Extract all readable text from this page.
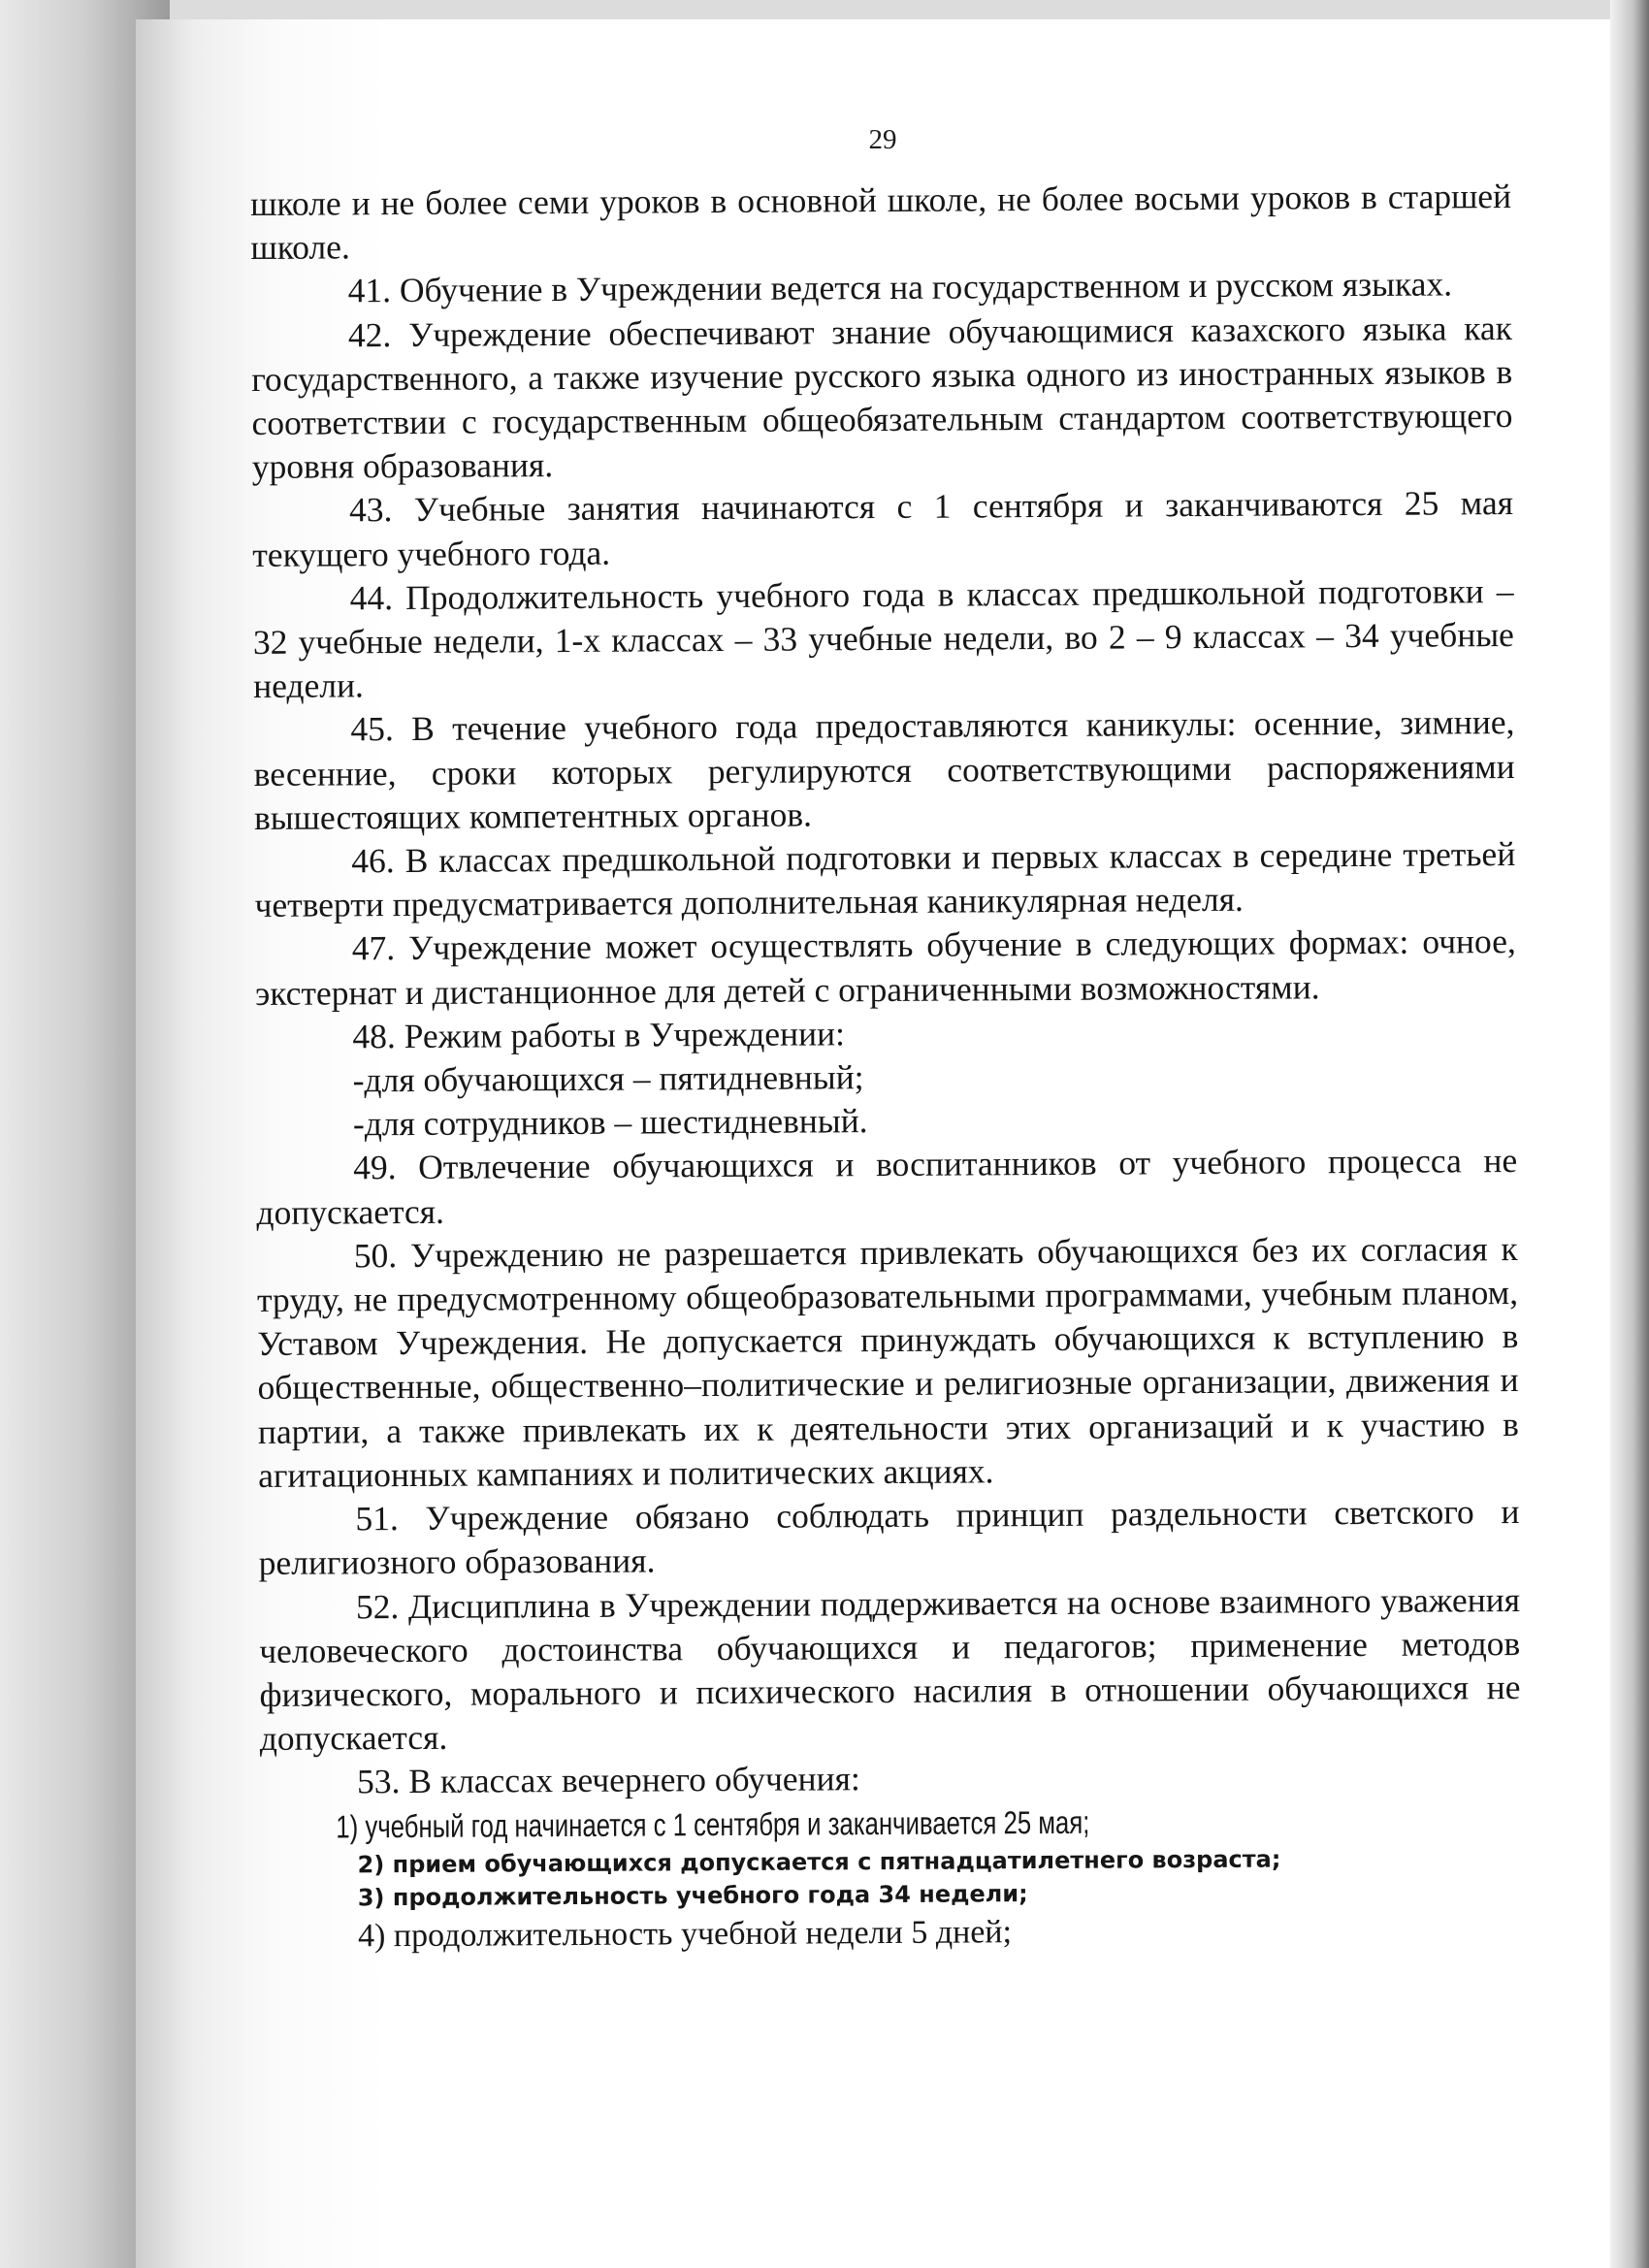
29

школе и не более семи уроков в основной школе, не более восьми уроков в старшей школе.

41. Обучение в Учреждении ведется на государственном и русском языках.

42. Учреждение обеспечивают знание обучающимися казахского языка как государственного, а также изучение русского языка одного из иностранных языков в соответствии с государственным общеобязательным стандартом соответствующего уровня образования.

43. Учебные занятия начинаются с 1 сентября и заканчиваются 25 мая текущего учебного года.

44. Продолжительность учебного года в классах предшкольной подготовки – 32 учебные недели, 1-х классах – 33 учебные недели, во 2 – 9 классах – 34 учебные недели.

45. В течение учебного года предоставляются каникулы: осенние, зимние, весенние, сроки которых регулируются соответствующими распоряжениями вышестоящих компетентных органов.

46. В классах предшкольной подготовки и первых классах в середине третьей четверти предусматривается дополнительная каникулярная неделя.

47. Учреждение может осуществлять обучение в следующих формах: очное, экстернат и дистанционное для детей с ограниченными возможностями.

48. Режим работы в Учреждении:

-для обучающихся – пятидневный;

-для сотрудников – шестидневный.

49. Отвлечение обучающихся и воспитанников от учебного процесса не допускается.

50. Учреждению не разрешается привлекать обучающихся без их согласия к труду, не предусмотренному общеобразовательными программами, учебным планом, Уставом Учреждения. Не допускается принуждать обучающихся к вступлению в общественные, общественно–политические и религиозные организации, движения и партии, а также привлекать их к деятельности этих организаций и к участию в агитационных кампаниях и политических акциях.

51. Учреждение обязано соблюдать принцип раздельности светского и религиозного образования.

52. Дисциплина в Учреждении поддерживается на основе взаимного уважения человеческого достоинства обучающихся и педагогов; применение методов физического, морального и психического насилия в отношении обучающихся не допускается.

53. В классах вечернего обучения:

1) учебный год начинается с 1 сентября и заканчивается 25 мая;

2) прием обучающихся допускается с пятнадцатилетнего возраста;

3) продолжительность учебного года 34 недели;

4) продолжительность учебной недели 5 дней;
